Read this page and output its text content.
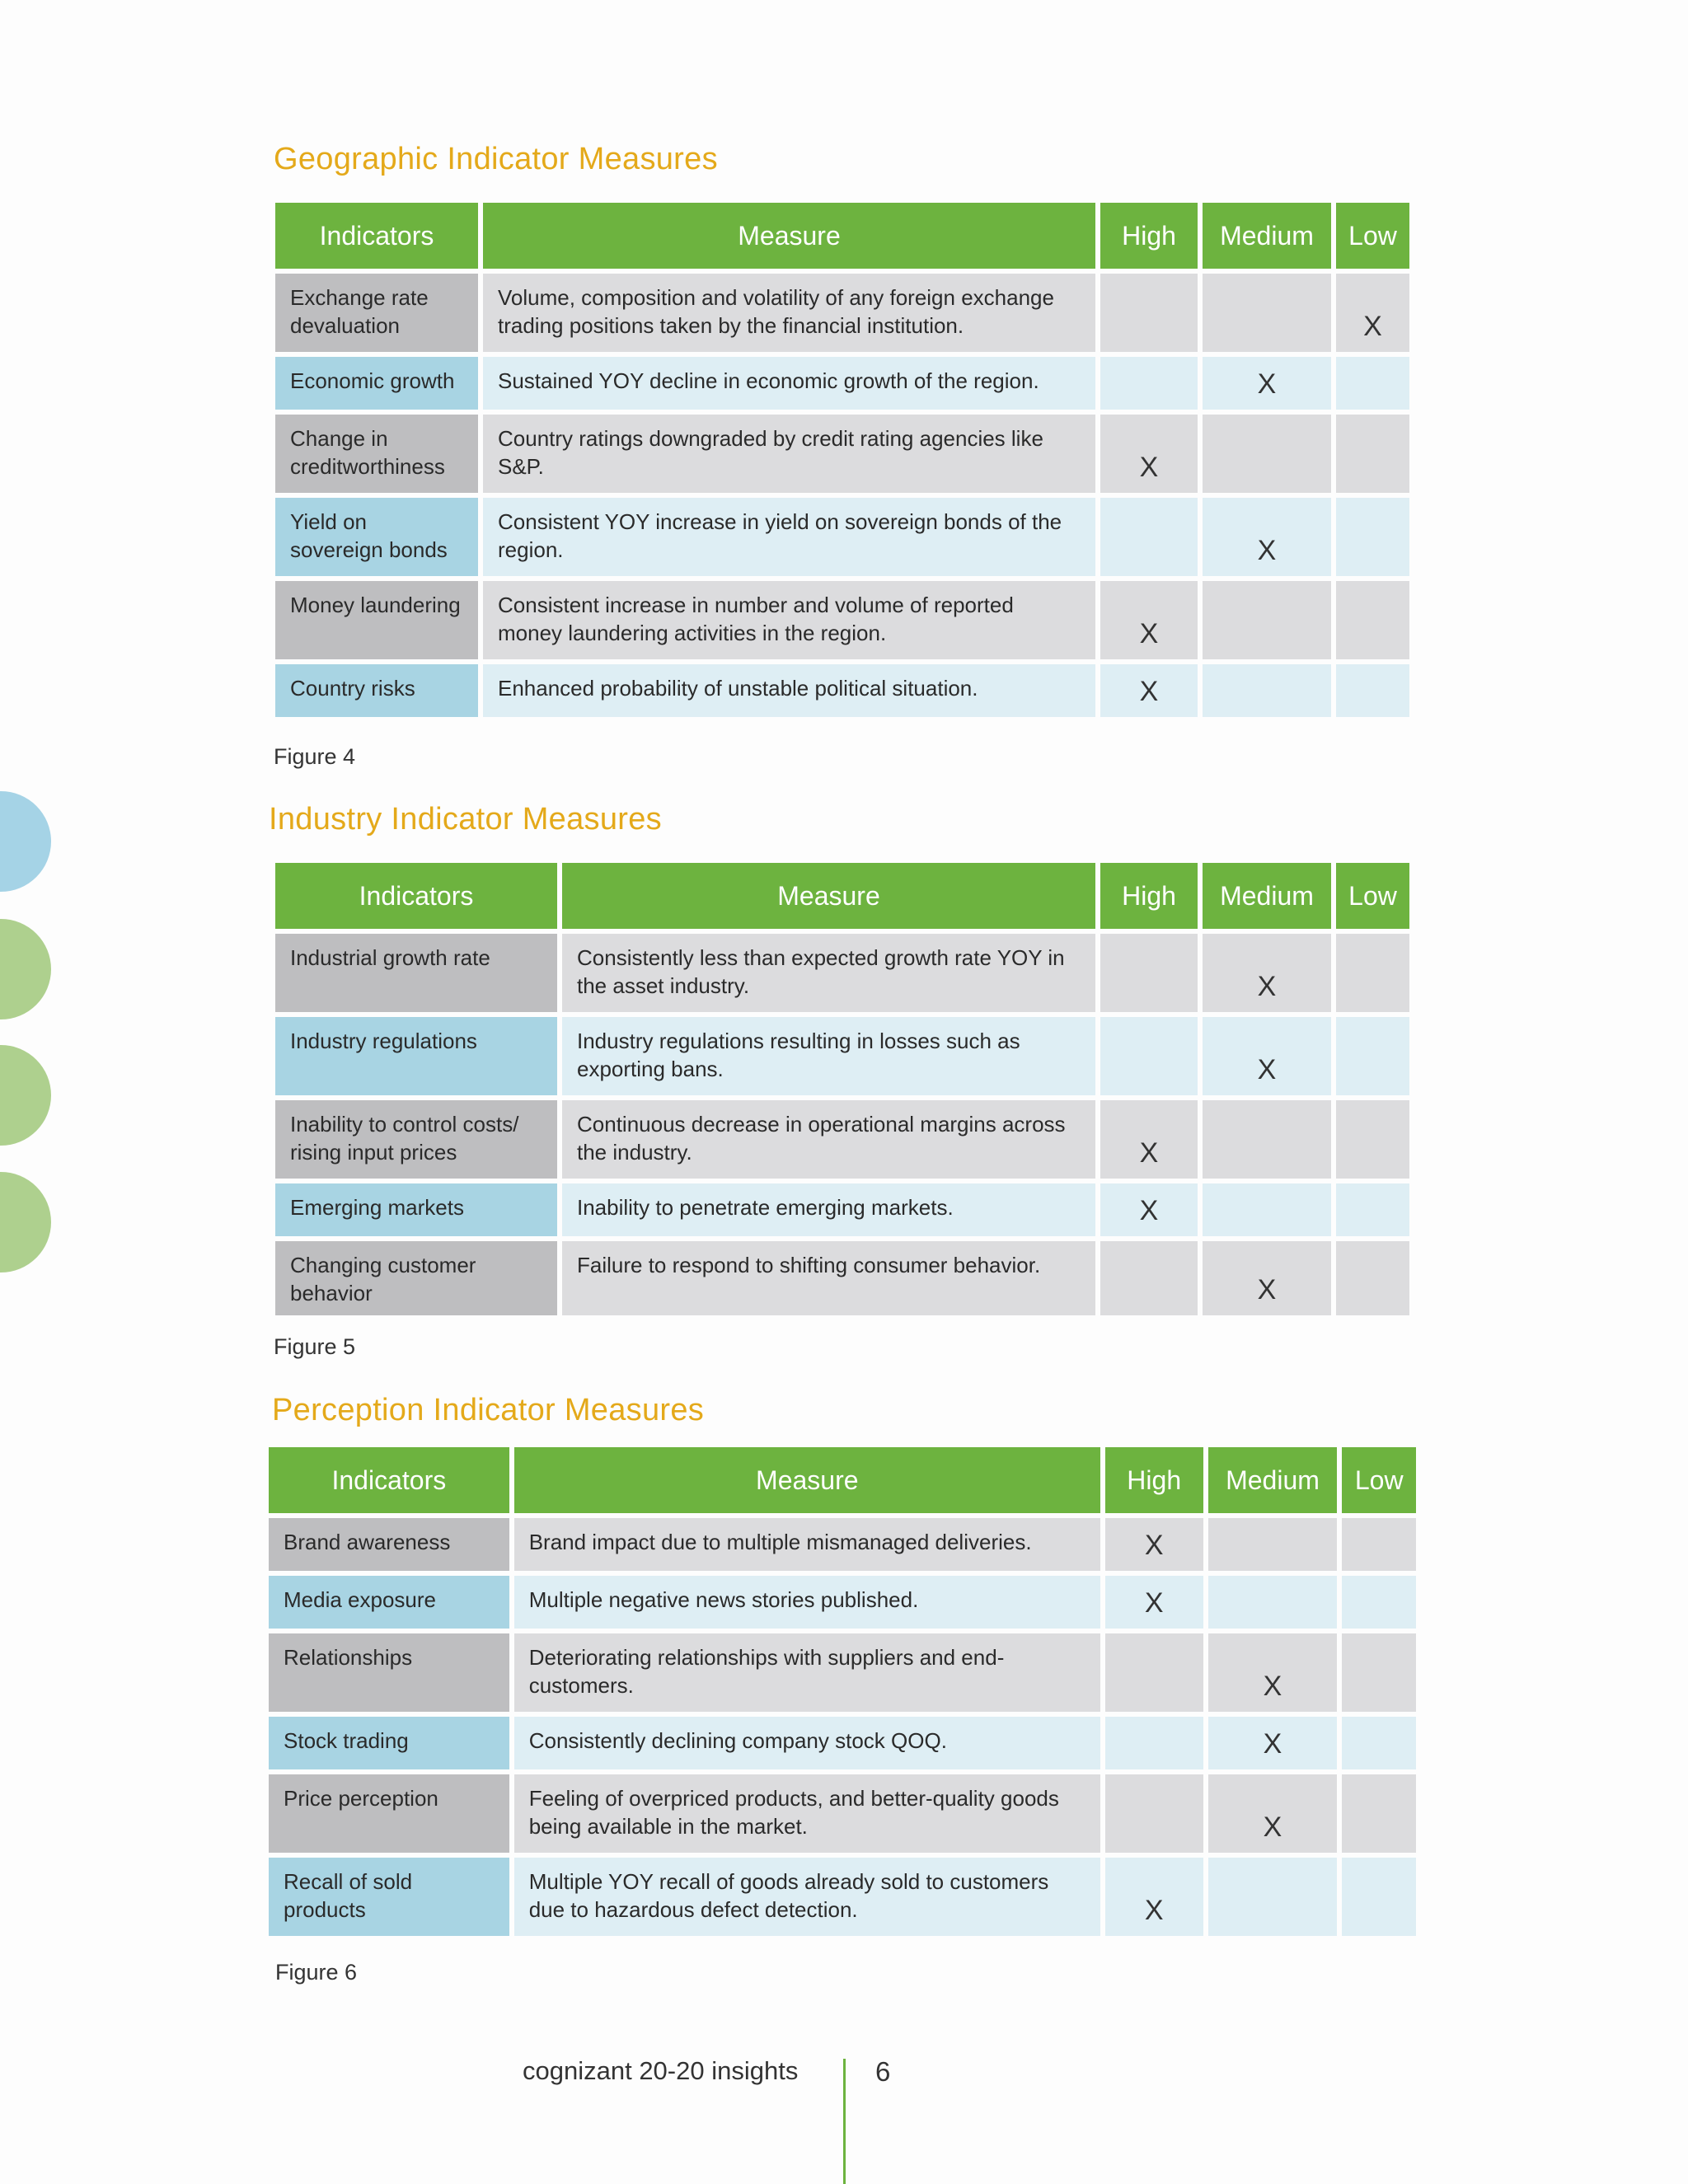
Geographic Indicator Measures
Indicators	Measure	High	Medium	Low
Exchange rate devaluation	Volume, composition and volatility of any foreign exchange trading positions taken by the financial institution.			X
Economic growth	Sustained YOY decline in economic growth of the region.		X	
Change in creditworthiness	Country ratings downgraded by credit rating agencies like S&P.	X		
Yield on sovereign bonds	Consistent YOY increase in yield on sovereign bonds of the region.		X	
Money laundering	Consistent increase in number and volume of reported money laundering activities in the region.	X		
Country risks	Enhanced probability of unstable political situation.	X		

Figure 4

Industry Indicator Measures
Indicators	Measure	High	Medium	Low
Industrial growth rate	Consistently less than expected growth rate YOY in the asset industry.		X	
Industry regulations	Industry regulations resulting in losses such as exporting bans.		X	
Inability to control costs/ rising input prices	Continuous decrease in operational margins across the industry.	X		
Emerging markets	Inability to penetrate emerging markets.	X		
Changing customer behavior	Failure to respond to shifting consumer behavior.		X	

Figure 5

Perception Indicator Measures
Indicators	Measure	High	Medium	Low
Brand awareness	Brand impact due to multiple mismanaged deliveries.	X		
Media exposure	Multiple negative news stories published.	X		
Relationships	Deteriorating relationships with suppliers and end-customers.		X	
Stock trading	Consistently declining company stock QOQ.		X	
Price perception	Feeling of overpriced products, and better-quality goods being available in the market.		X	
Recall of sold products	Multiple YOY recall of goods already sold to customers due to hazardous defect detection.	X		

Figure 6

cognizant 20-20 insights	6
